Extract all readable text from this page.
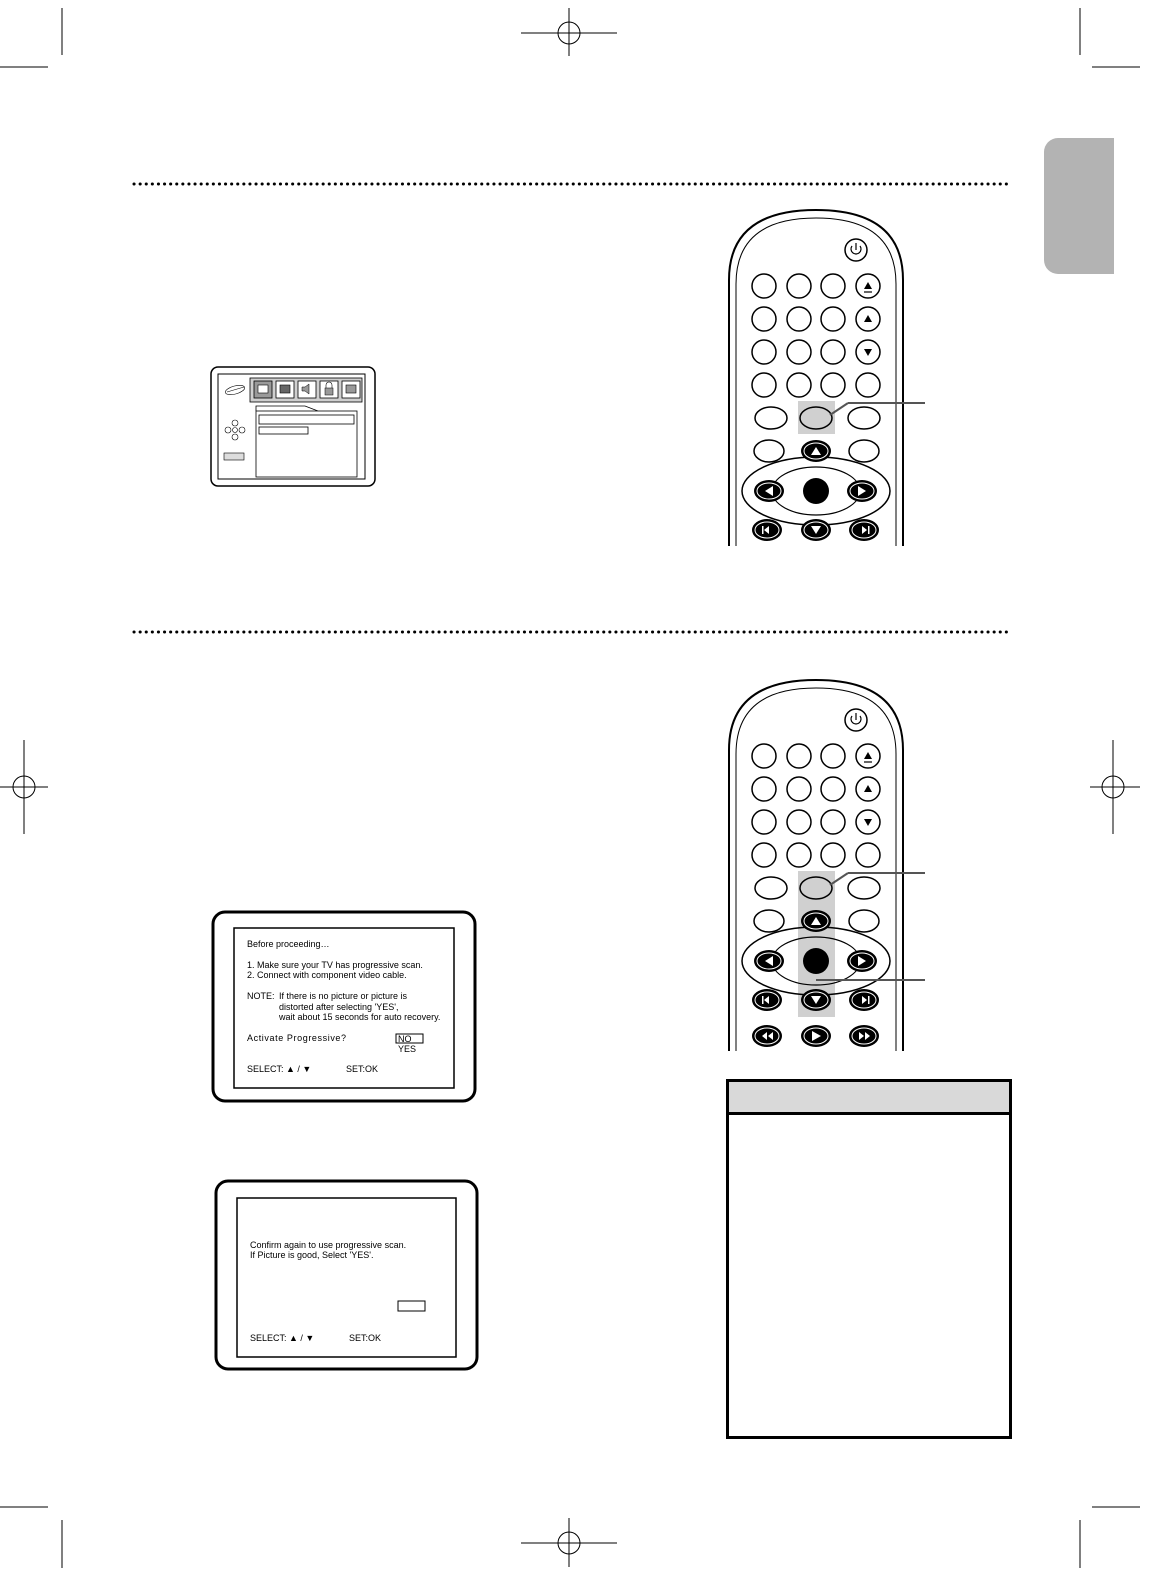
Before proceeding…
1. Make sure your TV has progressive scan.
2. Connect with component video cable.
NOTE: If there is no picture or picture is
distorted after selecting 'YES',
wait about 15 seconds for auto recovery.
Activate Progressive?	NO
YES
SELECT: ▲ / ▼	SET:OK
Confirm again to use progressive scan.
If Picture is good, Select 'YES'.
SELECT: ▲ / ▼	SET:OK
